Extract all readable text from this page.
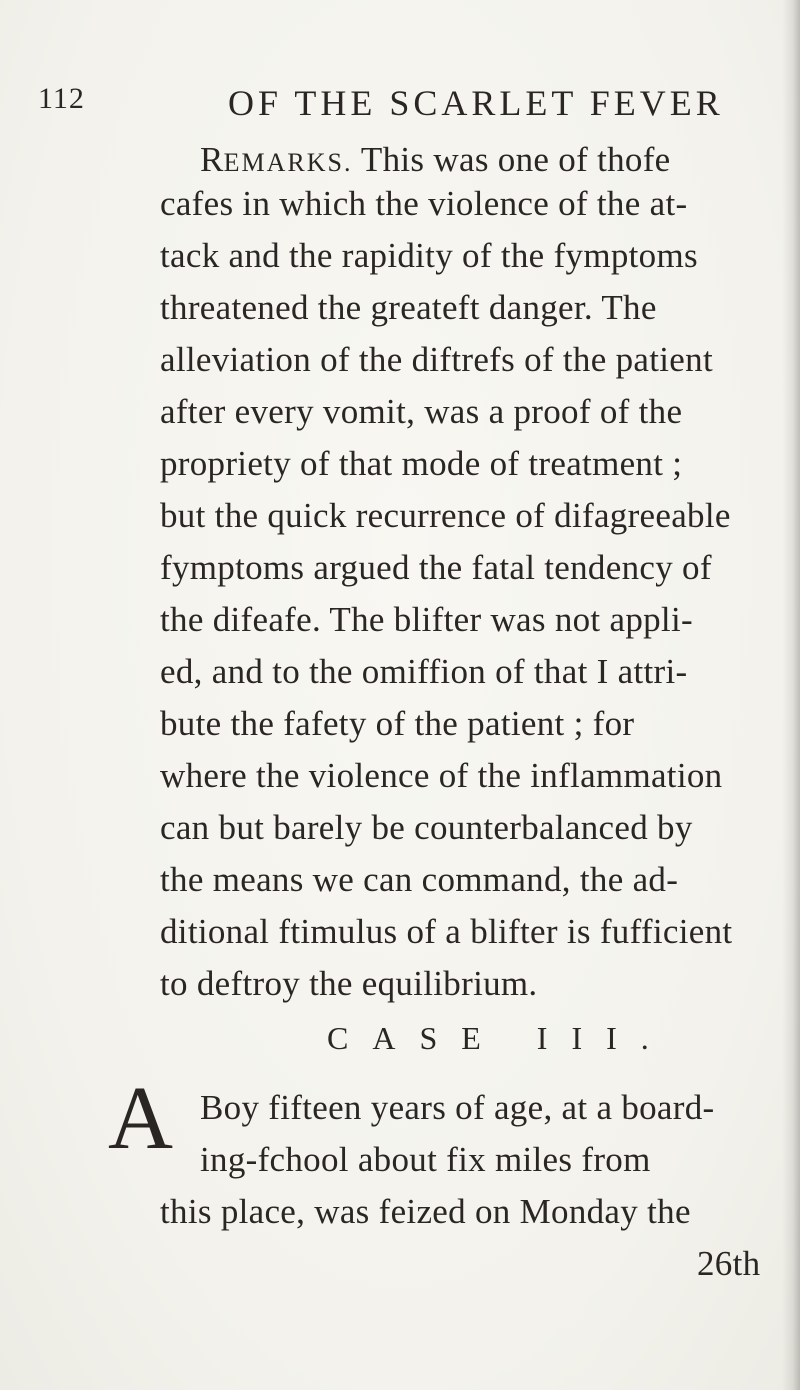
112	OF THE SCARLET FEVER
REMARKS. This was one of thofe
cafes in which the violence of the at-
tack and the rapidity of the fymptoms
threatened the greateft danger. The
alleviation of the diftrefs of the patient
after every vomit, was a proof of the
propriety of that mode of treatment ;
but the quick recurrence of difagreeable
fymptoms argued the fatal tendency of
the difeafe. The blifter was not appli-
ed, and to the omiffion of that I attri-
bute the fafety of the patient ; for
where the violence of the inflammation
can but barely be counterbalanced by
the means we can command, the ad-
ditional ftimulus of a blifter is fufficient
to deftroy the equilibrium.
CASE III.
A Boy fifteen years of age, at a board-
ing-fchool about fix miles from
this place, was feized on Monday the
26th
